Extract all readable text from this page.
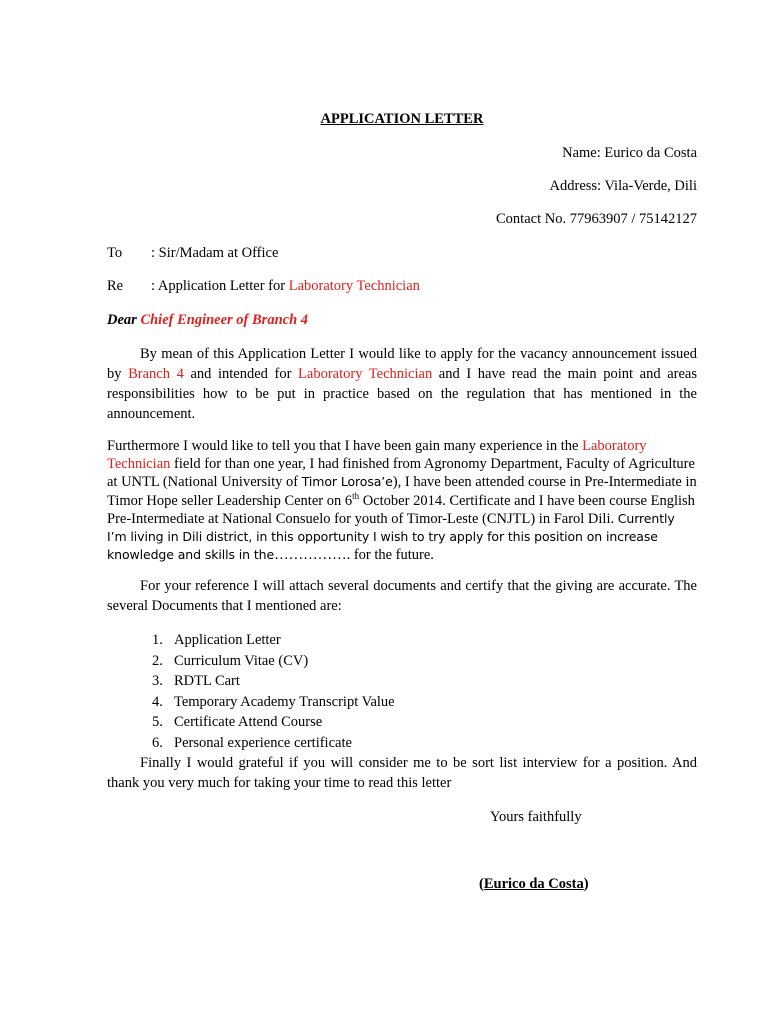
APPLICATION LETTER
Name: Eurico da Costa
Address: Vila-Verde, Dili
Contact No. 77963907 / 75142127
To : Sir/Madam at Office
Re : Application Letter for Laboratory Technician
Dear Chief Engineer of Branch 4
By mean of this Application Letter I would like to apply for the vacancy announcement issued by Branch 4 and intended for Laboratory Technician and I have read the main point and areas responsibilities how to be put in practice based on the regulation that has mentioned in the announcement.
Furthermore I would like to tell you that I have been gain many experience in the Laboratory Technician field for than one year, I had finished from Agronomy Department, Faculty of Agriculture at UNTL (National University of Timor Lorosa’e), I have been attended course in Pre-Intermediate in Timor Hope seller Leadership Center on 6th October 2014. Certificate and I have been course English Pre-Intermediate at National Consuelo for youth of Timor-Leste (CNJTL) in Farol Dili. Currently I’m living in Dili district, in this opportunity I wish to try apply for this position on increase knowledge and skills in the……………. for the future.
For your reference I will attach several documents and certify that the giving are accurate. The several Documents that I mentioned are:
1. Application Letter
2. Curriculum Vitae (CV)
3. RDTL Cart
4. Temporary Academy Transcript Value
5. Certificate Attend Course
6. Personal experience certificate
Finally I would grateful if you will consider me to be sort list interview for a position. And thank you very much for taking your time to read this letter
Yours faithfully
(Eurico da Costa)
